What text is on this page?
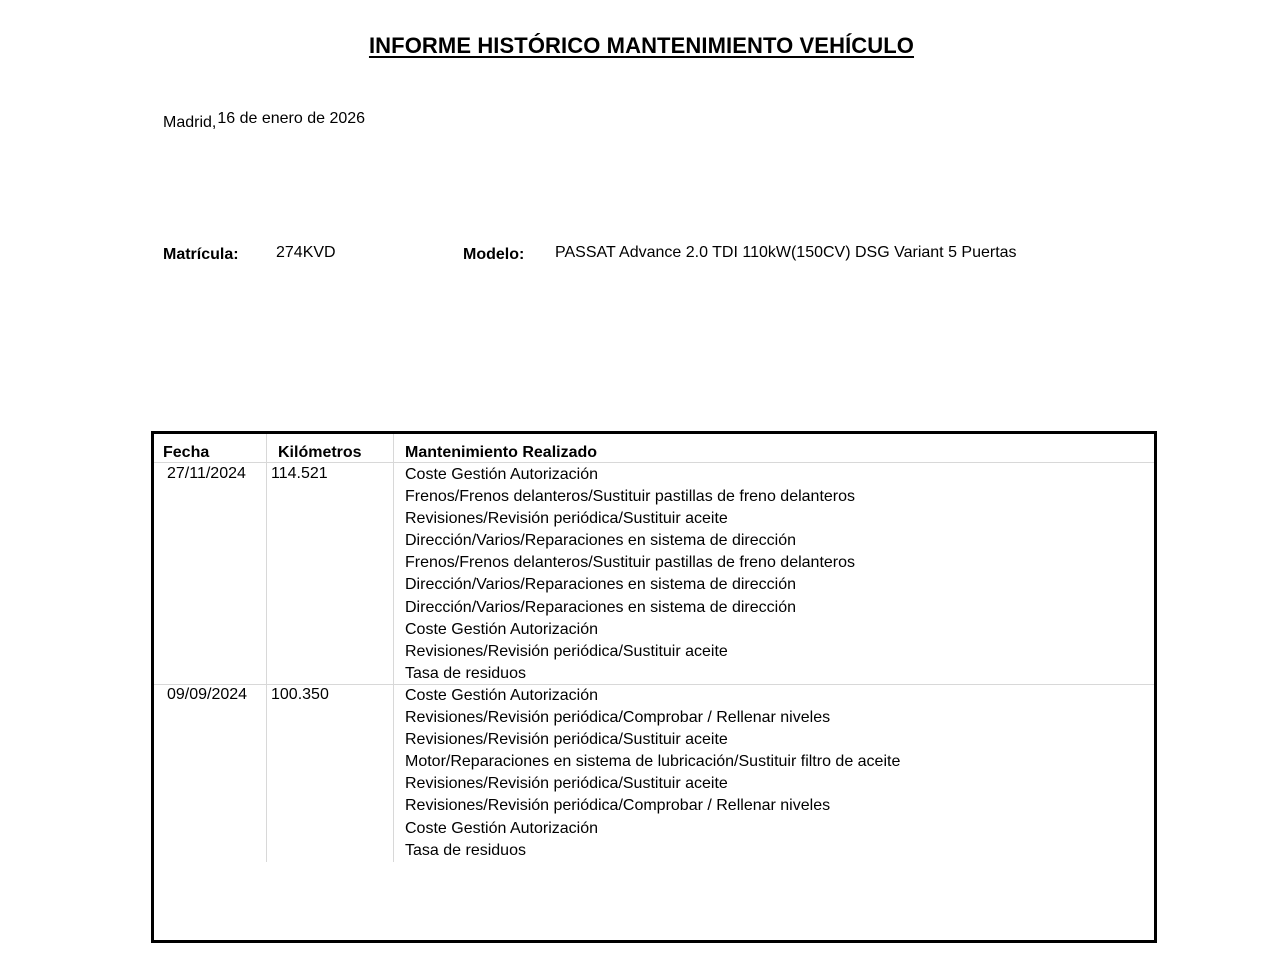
INFORME HISTÓRICO MANTENIMIENTO VEHÍCULO
Madrid,16 de enero de 2026
Matrícula: 274KVD	Modelo: PASSAT Advance 2.0 TDI 110kW(150CV) DSG Variant 5 Puertas
Fecha	Kilómetros	Mantenimiento Realizado
27/11/2024 114.521	Coste Gestión Autorización
Frenos/Frenos delanteros/Sustituir pastillas de freno delanteros
Revisiones/Revisión periódica/Sustituir aceite
Dirección/Varios/Reparaciones en sistema de dirección
Frenos/Frenos delanteros/Sustituir pastillas de freno delanteros
Dirección/Varios/Reparaciones en sistema de dirección
Dirección/Varios/Reparaciones en sistema de dirección
Coste Gestión Autorización
Revisiones/Revisión periódica/Sustituir aceite
Tasa de residuos
09/09/2024 100.350	Coste Gestión Autorización
Revisiones/Revisión periódica/Comprobar / Rellenar niveles
Revisiones/Revisión periódica/Sustituir aceite
Motor/Reparaciones en sistema de lubricación/Sustituir filtro de aceite
Revisiones/Revisión periódica/Sustituir aceite
Revisiones/Revisión periódica/Comprobar / Rellenar niveles
Coste Gestión Autorización
Tasa de residuos
